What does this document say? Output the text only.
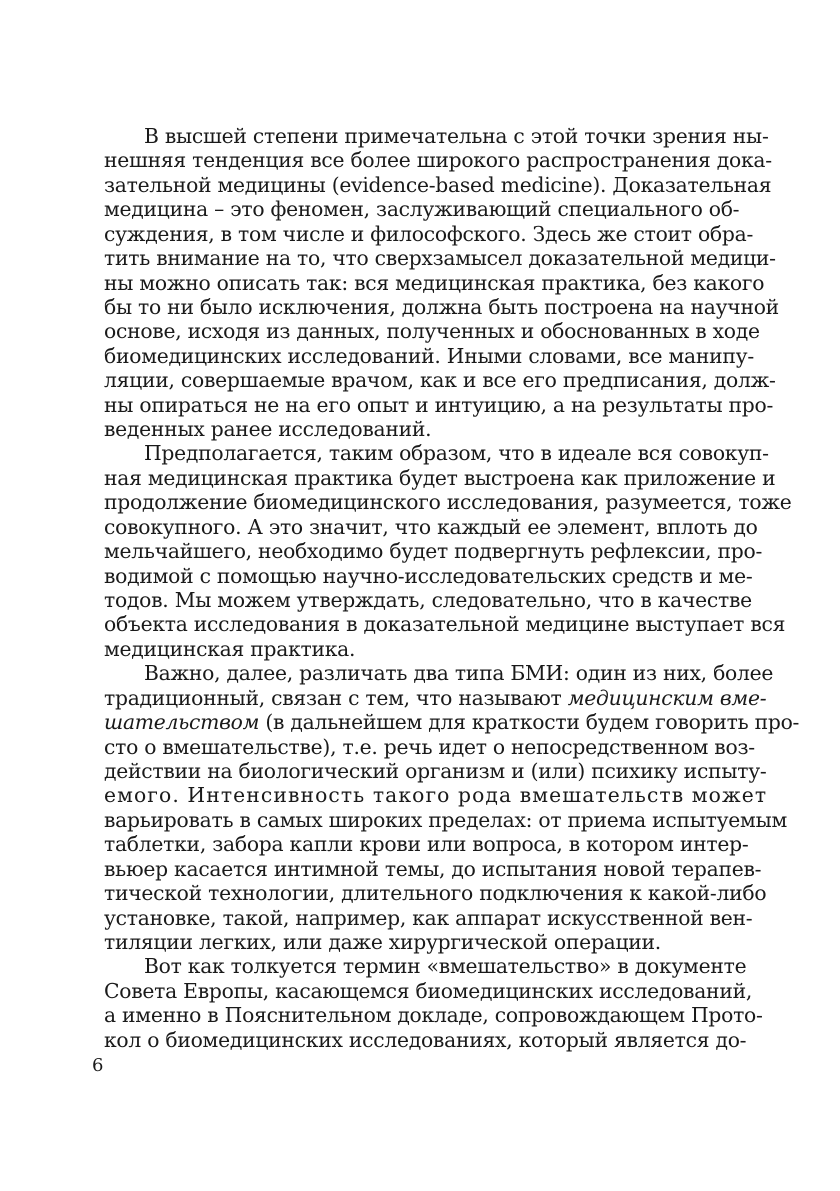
В высшей степени примечательна с этой точки зрения ны-
нешняя тенденция все более широкого распространения дока-
зательной медицины (evidence-based medicine). Доказательная
медицина – это феномен, заслуживающий специального об-
суждения, в том числе и философского. Здесь же стоит обра-
тить внимание на то, что сверхзамысел доказательной медици-
ны можно описать так: вся медицинская практика, без какого
бы то ни было исключения, должна быть построена на научной
основе, исходя из данных, полученных и обоснованных в ходе
биомедицинских исследований. Иными словами, все манипу-
ляции, совершаемые врачом, как и все его предписания, долж-
ны опираться не на его опыт и интуицию, а на результаты про-
веденных ранее исследований.
Предполагается, таким образом, что в идеале вся совокуп-
ная медицинская практика будет выстроена как приложение и
продолжение биомедицинского исследования, разумеется, тоже
совокупного. А это значит, что каждый ее элемент, вплоть до
мельчайшего, необходимо будет подвергнуть рефлексии, про-
водимой с помощью научно-исследовательских средств и ме-
тодов. Мы можем утверждать, следовательно, что в качестве
объекта исследования в доказательной медицине выступает вся
медицинская практика.
Важно, далее, различать два типа БМИ: один из них, более
традиционный, связан с тем, что называют медицинским вме-
шательством (в дальнейшем для краткости будем говорить про-
сто о вмешательстве), т.е. речь идет о непосредственном воз-
действии на биологический организм и (или) психику испыту-
емого. Интенсивность такого рода вмешательств может
варьировать в самых широких пределах: от приема испытуемым
таблетки, забора капли крови или вопроса, в котором интер-
вьюер касается интимной темы, до испытания новой терапев-
тической технологии, длительного подключения к какой-либо
установке, такой, например, как аппарат искусственной вен-
тиляции легких, или даже хирургической операции.
Вот как толкуется термин «вмешательство» в документе
Совета Европы, касающемся биомедицинских исследований,
а именно в Пояснительном докладе, сопровождающем Прото-
кол о биомедицинских исследованиях, который является до-
6
